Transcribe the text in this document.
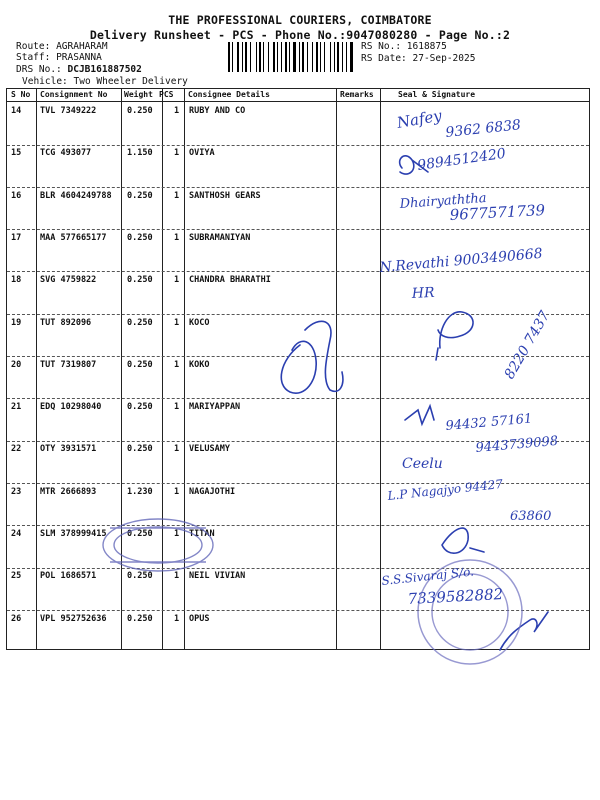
THE PROFESSIONAL COURIERS, COIMBATORE
Delivery Runsheet - PCS - Phone No.:9047080280 - Page No.:2
Route: AGRAHARAM
Staff: PRASANNA
DRS No.: DCJB161887502
Vehicle: Two Wheeler Delivery
RS No.: 1618875
RS Date: 27-Sep-2025
S No Consignment No Weight PCS Consignee Details	Remarks	Seal & Signature
14 TVL 7349222	0.250	1 RUBY AND CO
15 TCG 493077	1.150	1 OVIYA
16 BLR 4604249788 0.250	1 SANTHOSH GEARS
17 MAA 577665177 0.250	1 SUBRAMANIYAN
18 SVG 4759822	0.250	1 CHANDRA BHARATHI
19 TUT 892096	0.250	1 KOCO
20 TUT 7319807	0.250	1 KOKO
21 EDQ 10298040	0.250	1 MARIYAPPAN
22 OTY 3931571	0.250	1 VELUSAMY
23 MTR 2666893	1.230	1 NAGAJOTHI
24 SLM 378999415 0.250	1 TITAN
25 POL 1686571	0.250	1 NEIL VIVIAN
26 VPL 952752636 0.250	1 OPUS
Nafey 9362 6838
9894512420
Dhairyaththa
9677571739
N.Revathi 9003490668
HR
8220 7437
94432 57161
9443739098
Ceelu
L.P Nagajyo 94427
63860
S.S.Sivaraj S/o.
7339582882
